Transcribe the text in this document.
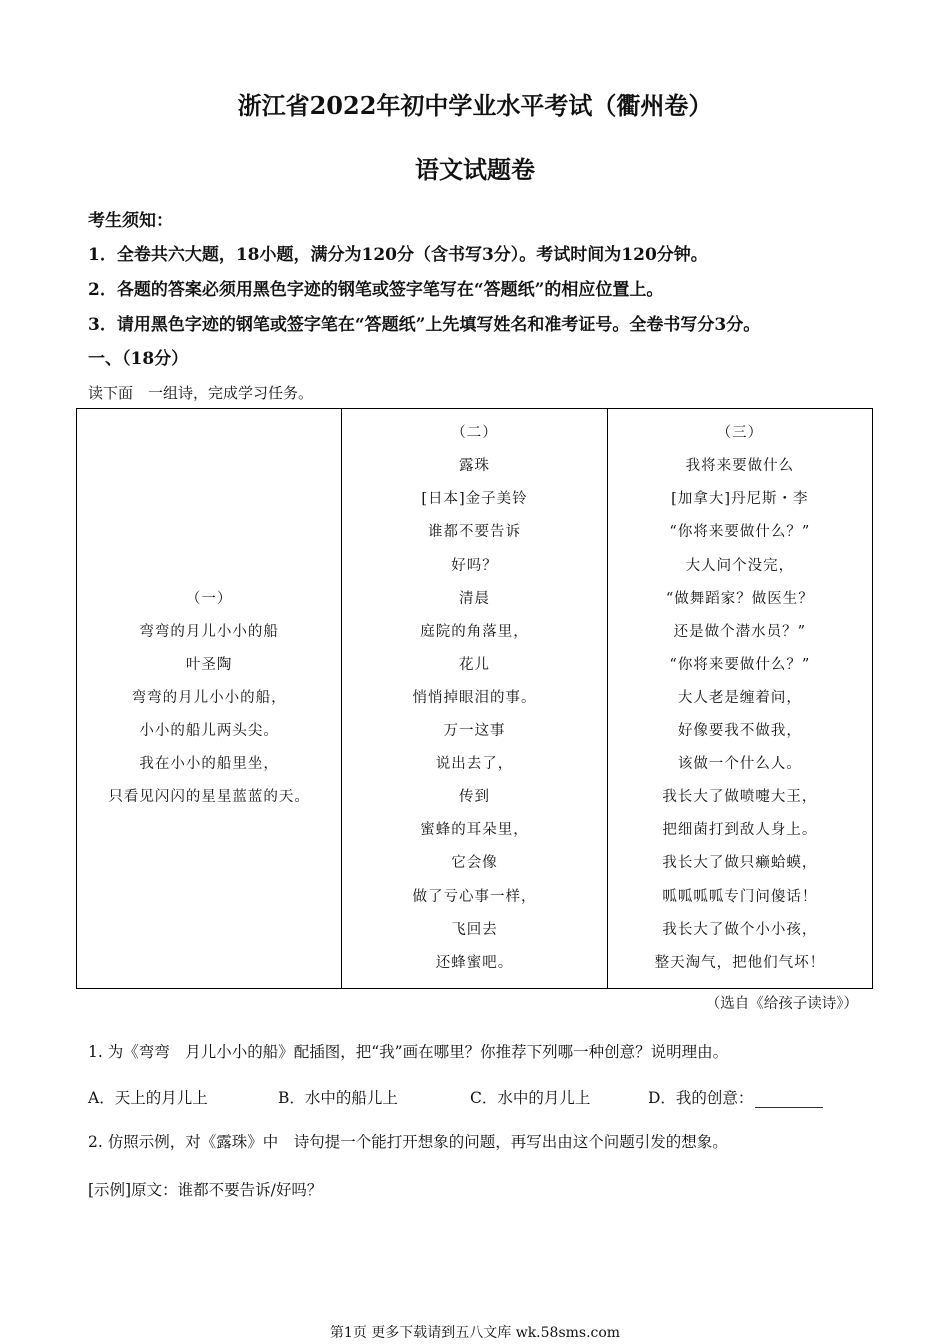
浙江省2022年初中学业水平考试（衢州卷）
语文试题卷
考生须知：
1．全卷共六大题，18小题，满分为120分（含书写3分）。考试时间为120分钟。
2．各题的答案必须用黑色字迹的钢笔或签字笔写在“答题纸”的相应位置上。
3．请用黑色字迹的钢笔或签字笔在“答题纸”上先填写姓名和准考证号。全卷书写分3分。
一、（18分）
读下面　一组诗，完成学习任务。
（一）
弯弯的月儿小小的船
叶圣陶
弯弯的月儿小小的船，
小小的船儿两头尖。
我在小小的船里坐，
只看见闪闪的星星蓝蓝的天。

（二）
露珠
[日本]金子美铃
谁都不要告诉
好吗？
清晨
庭院的角落里，
花儿
悄悄掉眼泪的事。
万一这事
说出去了，
传到
蜜蜂的耳朵里，
它会像
做了亏心事一样，
飞回去
还蜂蜜吧。

（三）
我将来要做什么
[加拿大]丹尼斯・李
“你将来要做什么？”
大人问个没完，
“做舞蹈家？做医生？
还是做个潜水员？”
“你将来要做什么？”
大人老是缠着问，
好像要我不做我，
该做一个什么人。
我长大了做喷嚏大王，
把细菌打到敌人身上。
我长大了做只癞蛤蟆，
呱呱呱呱专门问傻话！
我长大了做个小小孩，
整天淘气，把他们气坏！
（选自《给孩子读诗》）
1. 为《弯弯　月儿小小的船》配插图，把“我”画在哪里？你推荐下列哪一种创意？说明理由。
A．天上的月儿上	B．水中的船儿上	C．水中的月儿上	D．我的创意：
2. 仿照示例，对《露珠》中　诗句提一个能打开想象的问题，再写出由这个问题引发的想象。
[示例]原文：谁都不要告诉/好吗？
第1页 更多下载请到五八文库 wk.58sms.com
